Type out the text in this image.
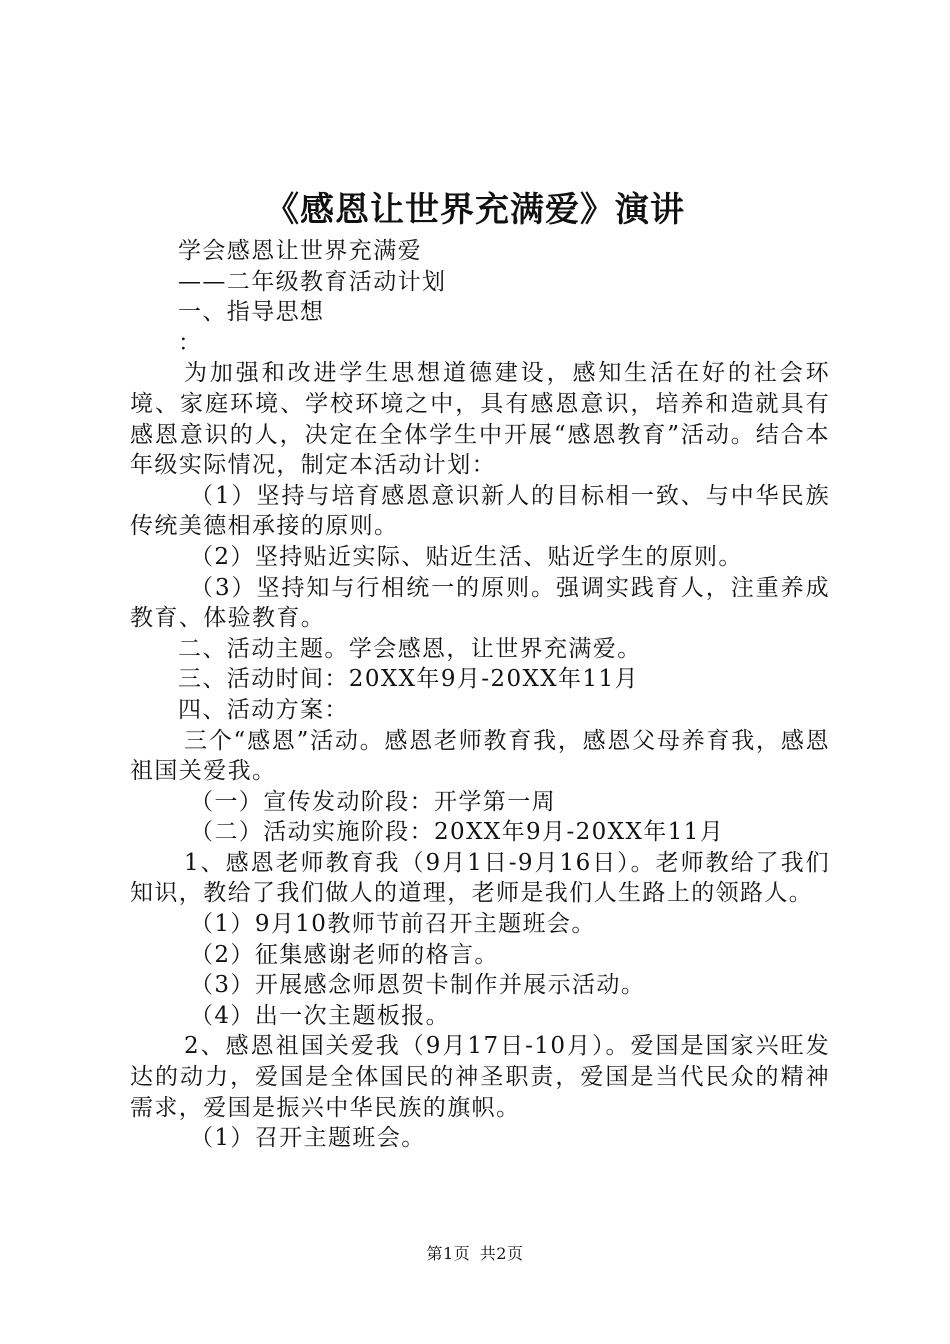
《感恩让世界充满爱》演讲

学会感恩让世界充满爱

——二年级教育活动计划

一、指导思想

：

为加强和改进学生思想道德建设，感知生活在好的社会环境、家庭环境、学校环境之中，具有感恩意识，培养和造就具有感恩意识的人，决定在全体学生中开展“感恩教育”活动。结合本年级实际情况，制定本活动计划：

（1）坚持与培育感恩意识新人的目标相一致、与中华民族传统美德相承接的原则。

（2）坚持贴近实际、贴近生活、贴近学生的原则。

（3）坚持知与行相统一的原则。强调实践育人，注重养成教育、体验教育。

二、活动主题。学会感恩，让世界充满爱。

三、活动时间：20XX年9月-20XX年11月

四、活动方案：

三个“感恩”活动。感恩老师教育我，感恩父母养育我，感恩祖国关爱我。

（一）宣传发动阶段：开学第一周

（二）活动实施阶段：20XX年9月-20XX年11月

1、感恩老师教育我（9月1日-9月16日）。老师教给了我们知识，教给了我们做人的道理，老师是我们人生路上的领路人。

（1）9月10教师节前召开主题班会。

（2）征集感谢老师的格言。

（3）开展感念师恩贺卡制作并展示活动。

（4）出一次主题板报。

2、感恩祖国关爱我（9月17日-10月）。爱国是国家兴旺发达的动力，爱国是全体国民的神圣职责，爱国是当代民众的精神需求，爱国是振兴中华民族的旗帜。

（1）召开主题班会。

第1页 共2页
